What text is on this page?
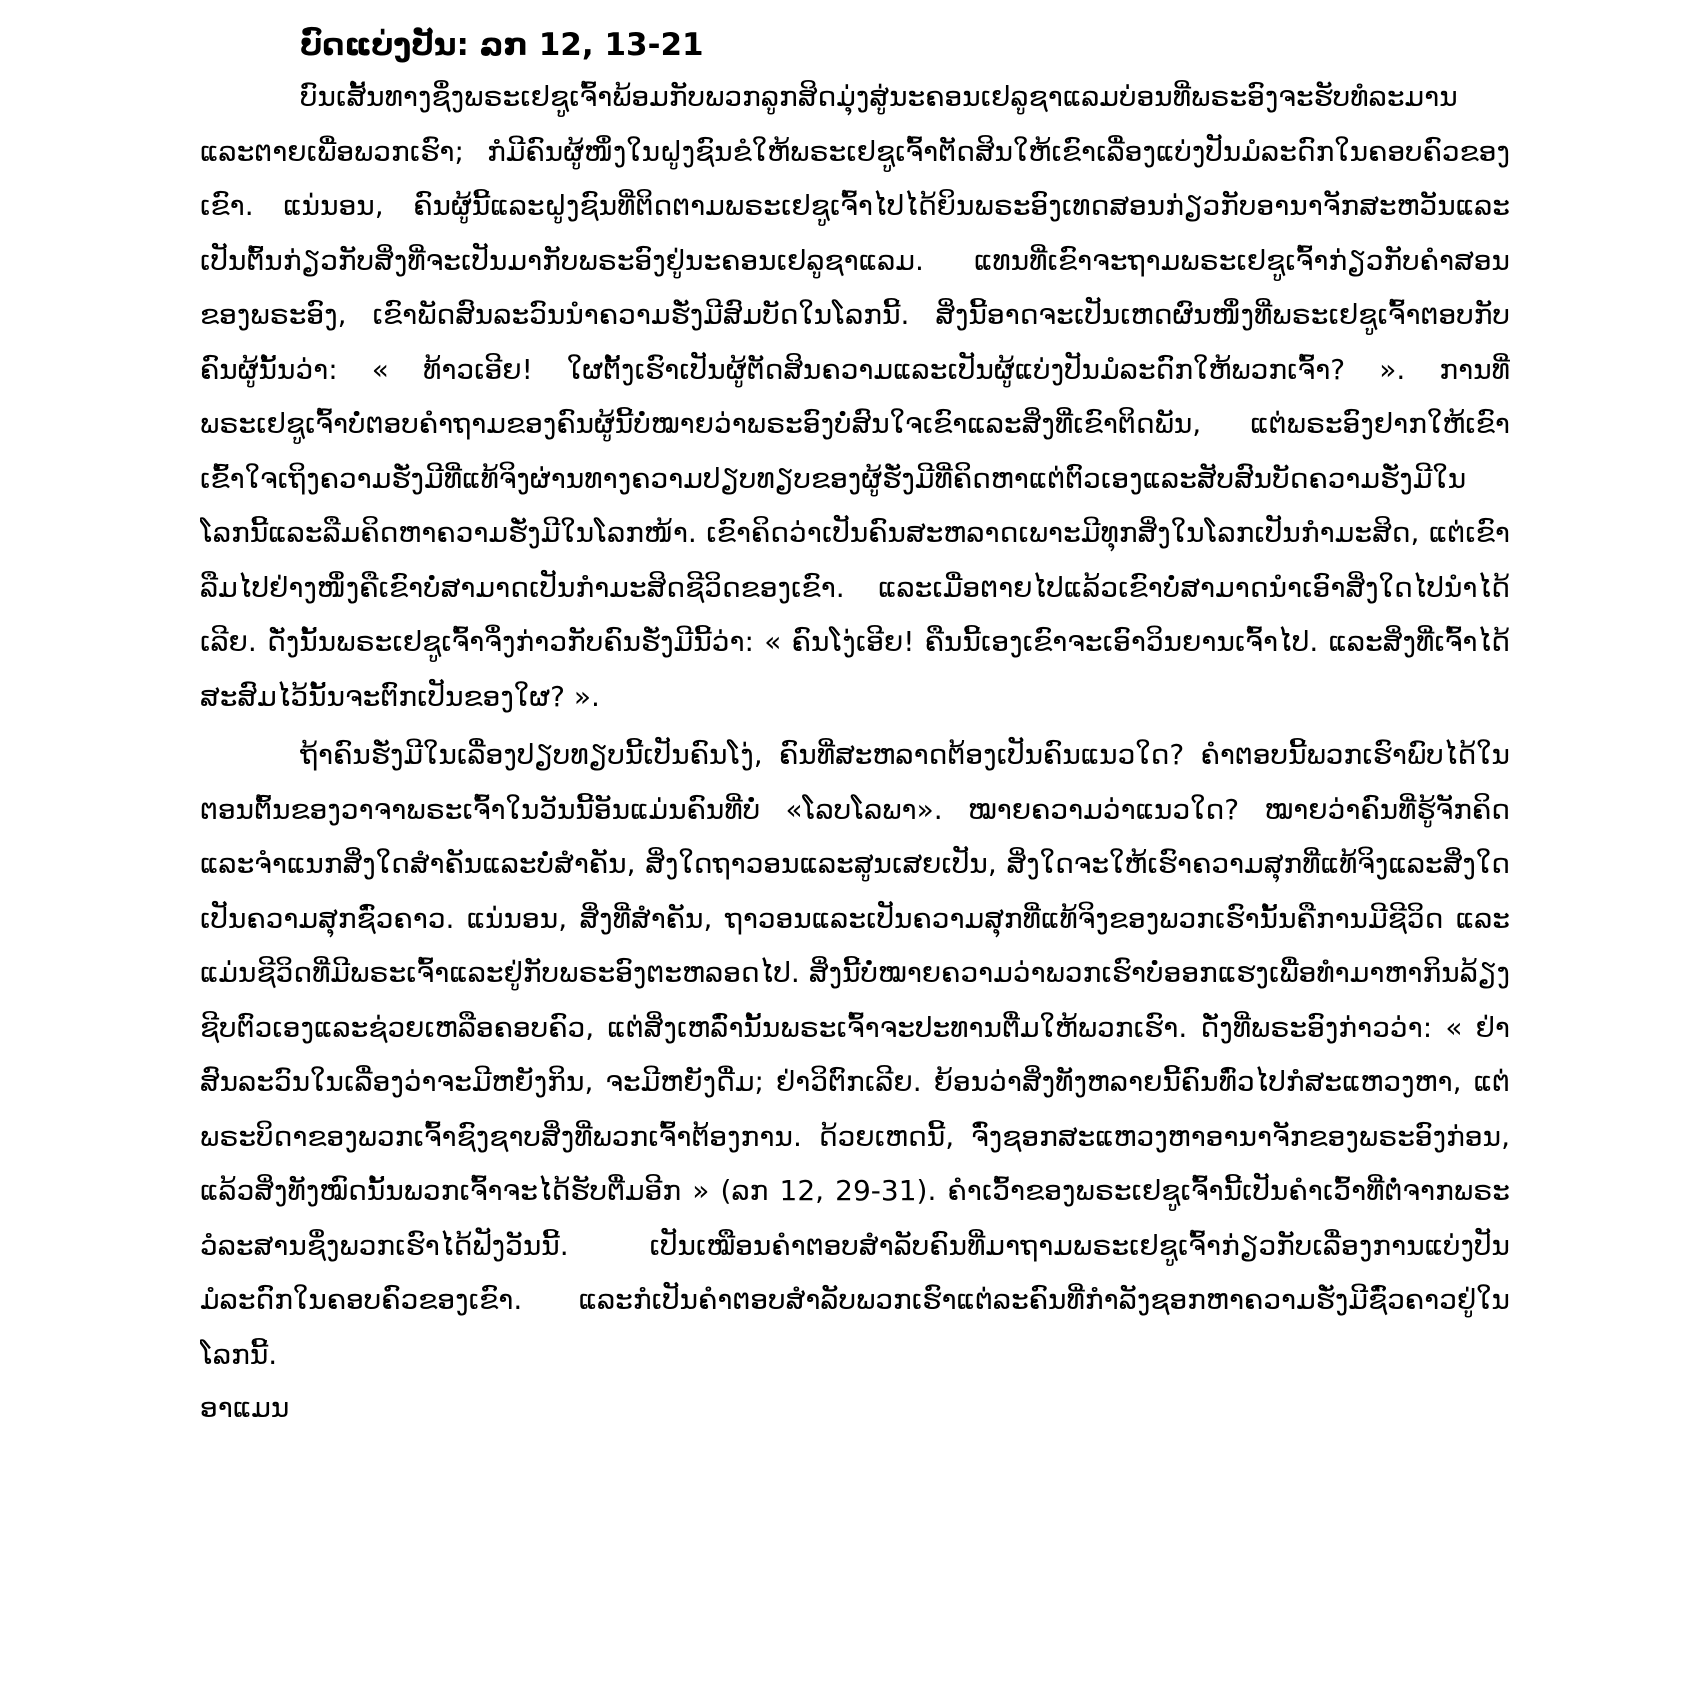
ບົດແບ່ງປັນ: ລກ 12, 13-21

ບົນເສັ້ນທາງຊຶ່ງພຣະເຢຊູເຈົ້າພ້ອມກັບພວກລູກສິດມຸ່ງສູ່ນະຄອນເຢລູຊາແລມບ່ອນທີ່ພຣະອົງຈະຮັບທໍລະມານແລະຕາຍເພື່ອພວກເຮົາ; ກໍມີຄົນຜູ້ໜຶ່ງໃນຝູງຊົນຂໍໃຫ້ພຣະເຢຊູເຈົ້າຕັດສິນໃຫ້ເຂົາເລື່ອງແບ່ງປັນມໍລະດົກໃນຄອບຄົວຂອງເຂົາ. ແນ່ນອນ, ຄົນຜູ້ນີ້ແລະຝູງຊົນທີ່ຕິດຕາມພຣະເຢຊູເຈົ້າໄປໄດ້ຍິນພຣະອົງເທດສອນກ່ຽວກັບອານາຈັກສະຫວັນແລະເປັນຕົ້ນກ່ຽວກັບສິ່ງທີ່ຈະເປັນມາກັບພຣະອົງຢູ່ນະຄອນເຢລູຊາແລມ. ແທນທີ່ເຂົາຈະຖາມພຣະເຢຊູເຈົ້າກ່ຽວກັບຄຳສອນຂອງພຣະອົງ, ເຂົາພັດສົນລະວົນນຳຄວາມຮັ່ງມີສົມບັດໃນໂລກນີ້. ສິ່ງນີ້ອາດຈະເປັນເຫດຜົນໜຶ່ງທີ່ພຣະເຢຊູເຈົ້າຕອບກັບຄົນຜູ້ນັ້ນວ່າ: « ທ້າວເອີຍ! ໃຜຕັ້ງເຮົາເປັນຜູ້ຕັດສິນຄວາມແລະເປັນຜູ້ແບ່ງປັນມໍລະດົກໃຫ້ພວກເຈົ້າ? ». ການທີ່ພຣະເຢຊູເຈົ້າບໍ່ຕອບຄຳຖາມຂອງຄົນຜູ້ນີ້ບໍ່ໝາຍວ່າພຣະອົງບໍ່ສົນໃຈເຂົາແລະສິ່ງທີ່ເຂົາຕິດພັນ, ແຕ່ພຣະອົງຢາກໃຫ້ເຂົາເຂົ້າໃຈເຖິງຄວາມຮັ່ງມີທີ່ແທ້ຈິງຜ່ານທາງຄວາມປຽບທຽບຂອງຜູ້ຮັ່ງມີທີ່ຄິດຫາແຕ່ຕົວເອງແລະສັບສົນບັດຄວາມຮັ່ງມີໃນໂລກນີ້ແລະລືມຄິດຫາຄວາມຮັ່ງມີໃນໂລກໜ້າ. ເຂົາຄິດວ່າເປັນຄົນສະຫລາດເພາະມີທຸກສິ່ງໃນໂລກເປັນກຳມະສິດ, ແຕ່ເຂົາລືມໄປຢ່າງໜຶ່ງຄືເຂົາບໍ່ສາມາດເປັນກຳມະສິດຊີວິດຂອງເຂົາ. ແລະເມື່ອຕາຍໄປແລ້ວເຂົາບໍ່ສາມາດນຳເອົາສິ່ງໃດໄປນຳໄດ້ເລີຍ. ດັ່ງນັ້ນພຣະເຢຊູເຈົ້າຈຶ່ງກ່າວກັບຄົນຮັ່ງມີນີ້ວ່າ: « ຄົນໂງ່ເອີຍ! ຄືນນີ້ເອງເຂົາຈະເອົາວິນຍານເຈົ້າໄປ. ແລະສິ່ງທີ່ເຈົ້າໄດ້ສະສົມໄວ້ນັ້ນຈະຕົກເປັນຂອງໃຜ? ».

ຖ້າຄົນຮັ່ງມີໃນເລື່ອງປຽບທຽບນີ້ເປັນຄົນໂງ່, ຄົນທີ່ສະຫລາດຕ້ອງເປັນຄົນແນວໃດ? ຄຳຕອບນີ້ພວກເຮົາພົບໄດ້ໃນຕອນຕົ້ນຂອງວາຈາພຣະເຈົ້າໃນວັນນີ້ອັນແມ່ນຄົນທີ່ບໍ່ «ໂລບໂລພາ». ໝາຍຄວາມວ່າແນວໃດ? ໝາຍວ່າຄົນທີ່ຮູ້ຈັກຄິດແລະຈຳແນກສິ່ງໃດສຳຄັນແລະບໍ່ສຳຄັນ, ສິ່ງໃດຖາວອນແລະສູນເສຍເປັນ, ສິ່ງໃດຈະໃຫ້ເຮົາຄວາມສຸກທີ່ແທ້ຈິງແລະສິ່ງໃດເປັນຄວາມສຸກຊົ່ວຄາວ. ແນ່ນອນ, ສິ່ງທີ່ສຳຄັນ, ຖາວອນແລະເປັນຄວາມສຸກທີ່ແທ້ຈິງຂອງພວກເຮົານັ້ນຄືການມີຊີວິດ ແລະແມ່ນຊີວິດທີ່ມີພຣະເຈົ້າແລະຢູ່ກັບພຣະອົງຕະຫລອດໄປ. ສິ່ງນີ້ບໍ່ໝາຍຄວາມວ່າພວກເຮົາບໍ່ອອກແຮງເພື່ອທຳມາຫາກິນລ້ຽງຊີບຕົວເອງແລະຊ່ວຍເຫລືອຄອບຄົວ, ແຕ່ສິ່ງເຫລົ່ານັ້ນພຣະເຈົ້າຈະປະທານຕື່ມໃຫ້ພວກເຮົາ. ດັ່ງທີ່ພຣະອົງກ່າວວ່າ: « ຢ່າສົນລະວົນໃນເລື່ອງວ່າຈະມີຫຍັງກິນ, ຈະມີຫຍັງດື່ມ; ຢ່າວິຕົກເລີຍ. ຍ້ອນວ່າສິ່ງທັງຫລາຍນີ້ຄົນທົ່ວໄປກໍສະແຫວງຫາ, ແຕ່ພຣະບິດາຂອງພວກເຈົ້າຊົງຊາບສິ່ງທີ່ພວກເຈົ້າຕ້ອງການ. ດ້ວຍເຫດນີ້, ຈົ່ງຊອກສະແຫວງຫາອານາຈັກຂອງພຣະອົງກ່ອນ, ແລ້ວສິ່ງທັງໝົດນັ້ນພວກເຈົ້າຈະໄດ້ຮັບຕື່ມອີກ » (ລກ 12, 29-31). ຄຳເວົ້າຂອງພຣະເຢຊູເຈົ້ານີ້ເປັນຄຳເວົ້າທີ່ຕໍ່ຈາກພຣະວໍລະສານຊຶ່ງພວກເຮົາໄດ້ຟັງວັນນີ້. ເປັນເໝືອນຄຳຕອບສຳລັບຄົນທີ່ມາຖາມພຣະເຢຊູເຈົ້າກ່ຽວກັບເລື່ອງການແບ່ງປັນມໍລະດົກໃນຄອບຄົວຂອງເຂົາ. ແລະກໍເປັນຄຳຕອບສຳລັບພວກເຮົາແຕ່ລະຄົນທີ່ກຳລັງຊອກຫາຄວາມຮັ່ງມີຊົ່ວຄາວຢູ່ໃນໂລກນີ້.

ອາແມນ
